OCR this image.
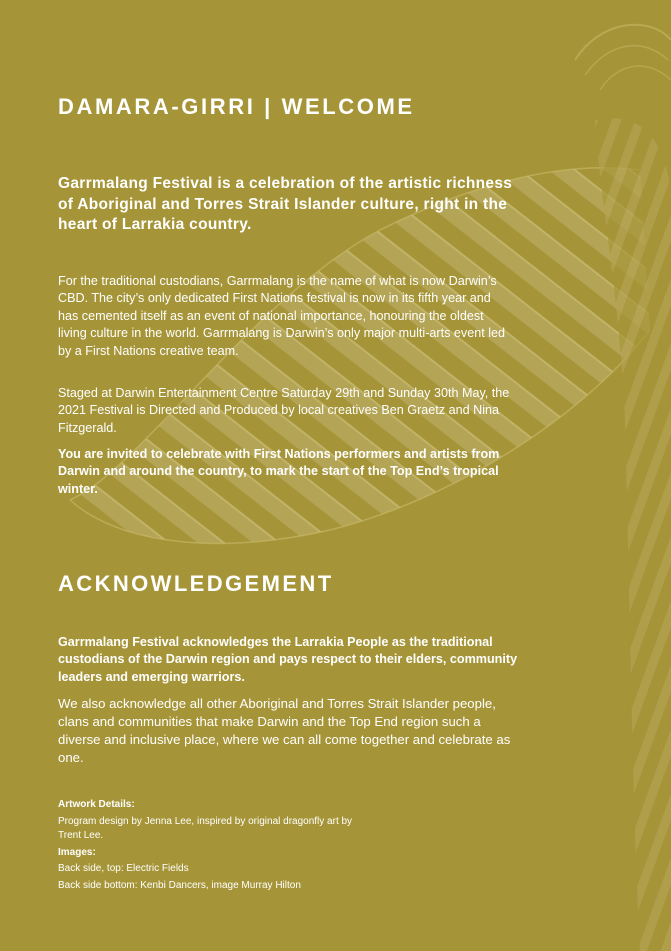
DAMARA-GIRRI | WELCOME

Garrmalang Festival is a celebration of the artistic richness of Aboriginal and Torres Strait Islander culture, right in the heart of Larrakia country.

For the traditional custodians, Garrmalang is the name of what is now Darwin’s CBD. The city’s only dedicated First Nations festival is now in its fifth year and has cemented itself as an event of national importance, honouring the oldest living culture in the world. Garrmalang is Darwin’s only major multi-arts event led by a First Nations creative team.

Staged at Darwin Entertainment Centre Saturday 29th and Sunday 30th May, the 2021 Festival is Directed and Produced by local creatives Ben Graetz and Nina Fitzgerald.

You are invited to celebrate with First Nations performers and artists from Darwin and around the country, to mark the start of the Top End’s tropical winter.

ACKNOWLEDGEMENT

Garrmalang Festival acknowledges the Larrakia People as the traditional custodians of the Darwin region and pays respect to their elders, community leaders and emerging warriors.

We also acknowledge all other Aboriginal and Torres Strait Islander people, clans and communities that make Darwin and the Top End region such a diverse and inclusive place, where we can all come together and celebrate as one.

Artwork Details:

Program design by Jenna Lee, inspired by original dragonfly art by Trent Lee.

Images:

Back side, top: Electric Fields

Back side bottom: Kenbi Dancers, image Murray Hilton
